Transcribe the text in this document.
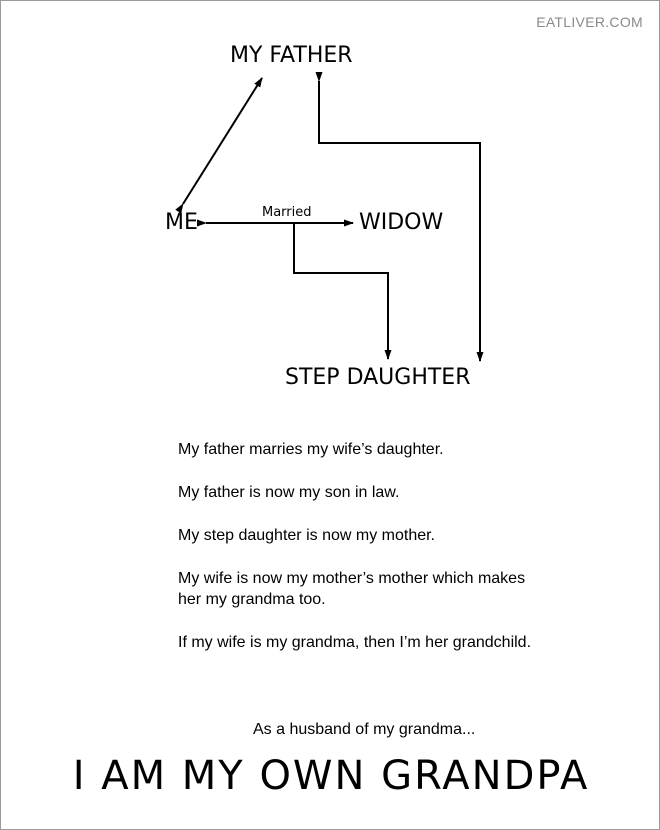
EATLIVER.COM
MY FATHER
ME	WIDOW
STEP DAUGHTER
Married

My father marries my wife’s daughter.

My father is now my son in law.

My step daughter is now my mother.

My wife is now my mother’s mother which makes her my grandma too.

If my wife is my grandma, then I’m her grandchild.

As a husband of my grandma...
I AM MY OWN GRANDPA
